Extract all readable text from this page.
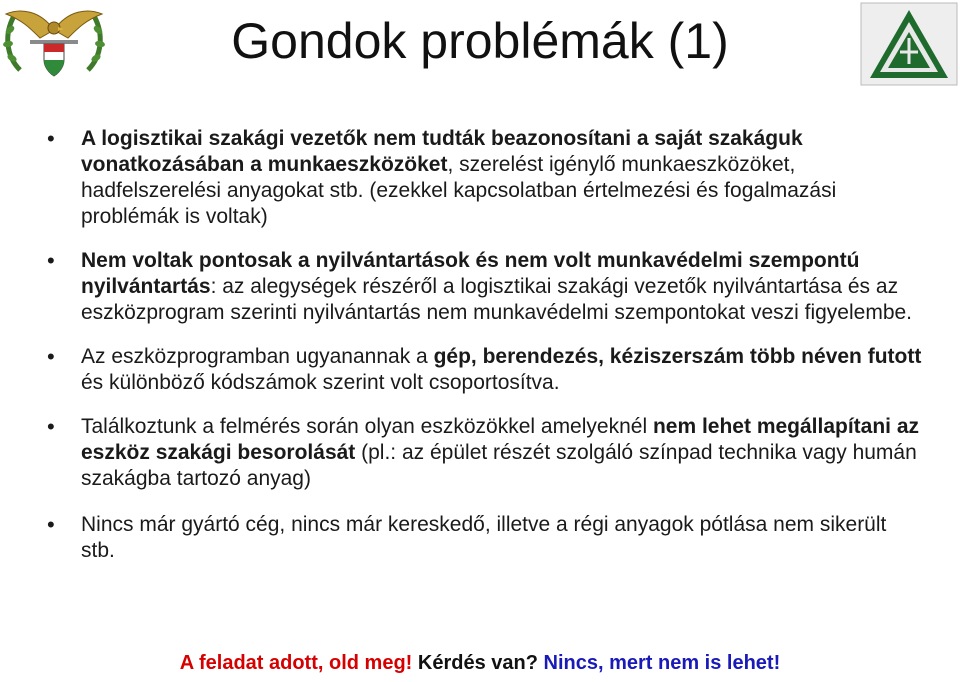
Gondok problémák (1)
• A logisztikai szakági vezetők nem tudták beazonosítani a saját szakáguk vonatkozásában a munkaeszközöket, szerelést igénylő munkaeszközöket, hadfelszerelési anyagokat stb. (ezekkel kapcsolatban értelmezési és fogalmazási problémák is voltak)
• Nem voltak pontosak a nyilvántartások és nem volt munkavédelmi szempontú nyilvántartás: az alegységek részéről a logisztikai szakági vezetők nyilvántartása és az eszközprogram szerinti nyilvántartás nem munkavédelmi szempontokat veszi figyelembe.
• Az eszközprogramban ugyanannak a gép, berendezés, kéziszerszám több néven futott és különböző kódszámok szerint volt csoportosítva.
• Találkoztunk a felmérés során olyan eszközökkel amelyeknél nem lehet megállapítani az eszköz szakági besorolását (pl.: az épület részét szolgáló színpad technika vagy humán szakágba tartozó anyag)
• Nincs már gyártó cég, nincs már kereskedő, illetve a régi anyagok pótlása nem sikerült stb.
A feladat adott, old meg! Kérdés van? Nincs, mert nem is lehet!
